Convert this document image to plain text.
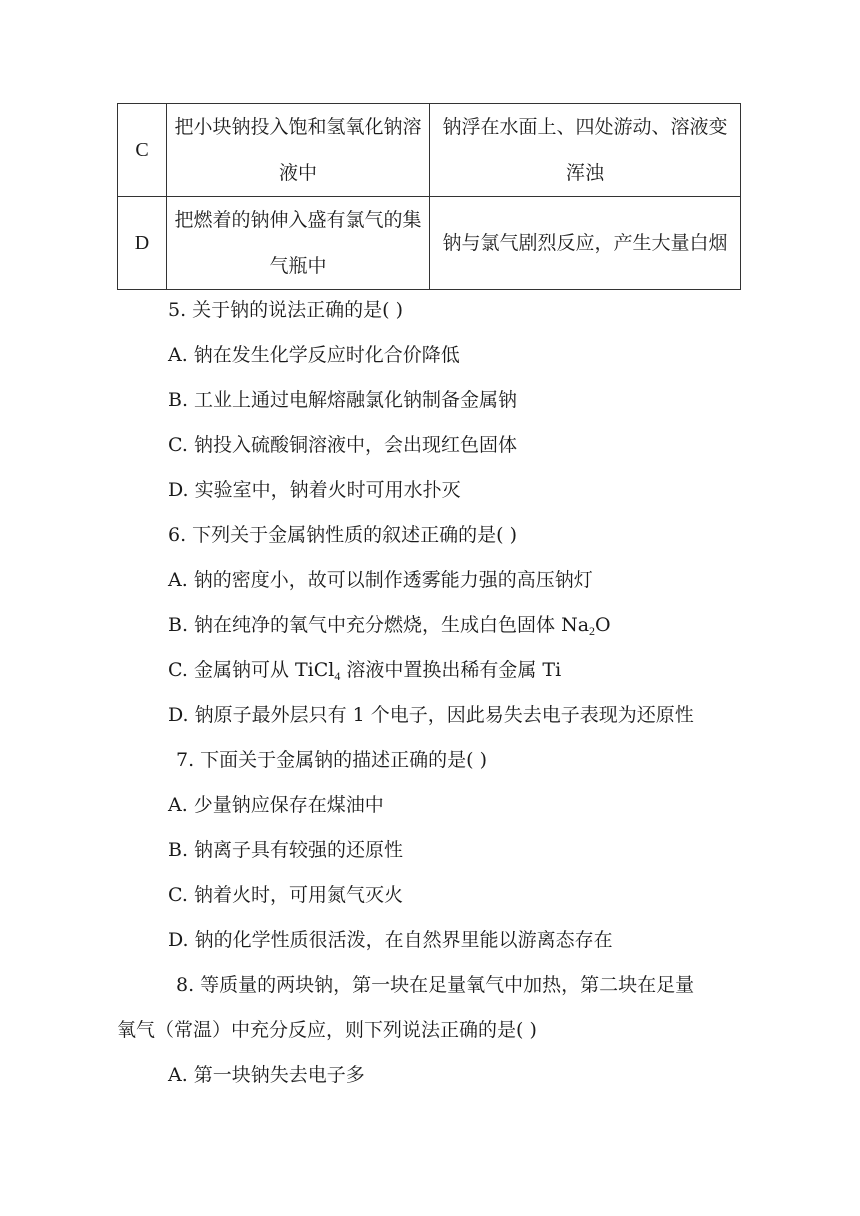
C	把小块钠投入饱和氢氧化钠溶液中	钠浮在水面上、四处游动、溶液变浑浊
D	把燃着的钠伸入盛有氯气的集气瓶中	钠与氯气剧烈反应，产生大量白烟
5. 关于钠的说法正确的是( )
A. 钠在发生化学反应时化合价降低
B. 工业上通过电解熔融氯化钠制备金属钠
C. 钠投入硫酸铜溶液中，会出现红色固体
D. 实验室中，钠着火时可用水扑灭
6. 下列关于金属钠性质的叙述正确的是( )
A. 钠的密度小，故可以制作透雾能力强的高压钠灯
B. 钠在纯净的氧气中充分燃烧，生成白色固体 $Na_2O$
C. 金属钠可从 TiCl$_4$ 溶液中置换出稀有金属 Ti
D. 钠原子最外层只有 1 个电子，因此易失去电子表现为还原性
7. 下面关于金属钠的描述正确的是( )
A. 少量钠应保存在煤油中
B. 钠离子具有较强的还原性
C. 钠着火时，可用氮气灭火
D. 钠的化学性质很活泼，在自然界里能以游离态存在
8. 等质量的两块钠，第一块在足量氧气中加热，第二块在足量
氧气（常温）中充分反应，则下列说法正确的是( )
A. 第一块钠失去电子多
